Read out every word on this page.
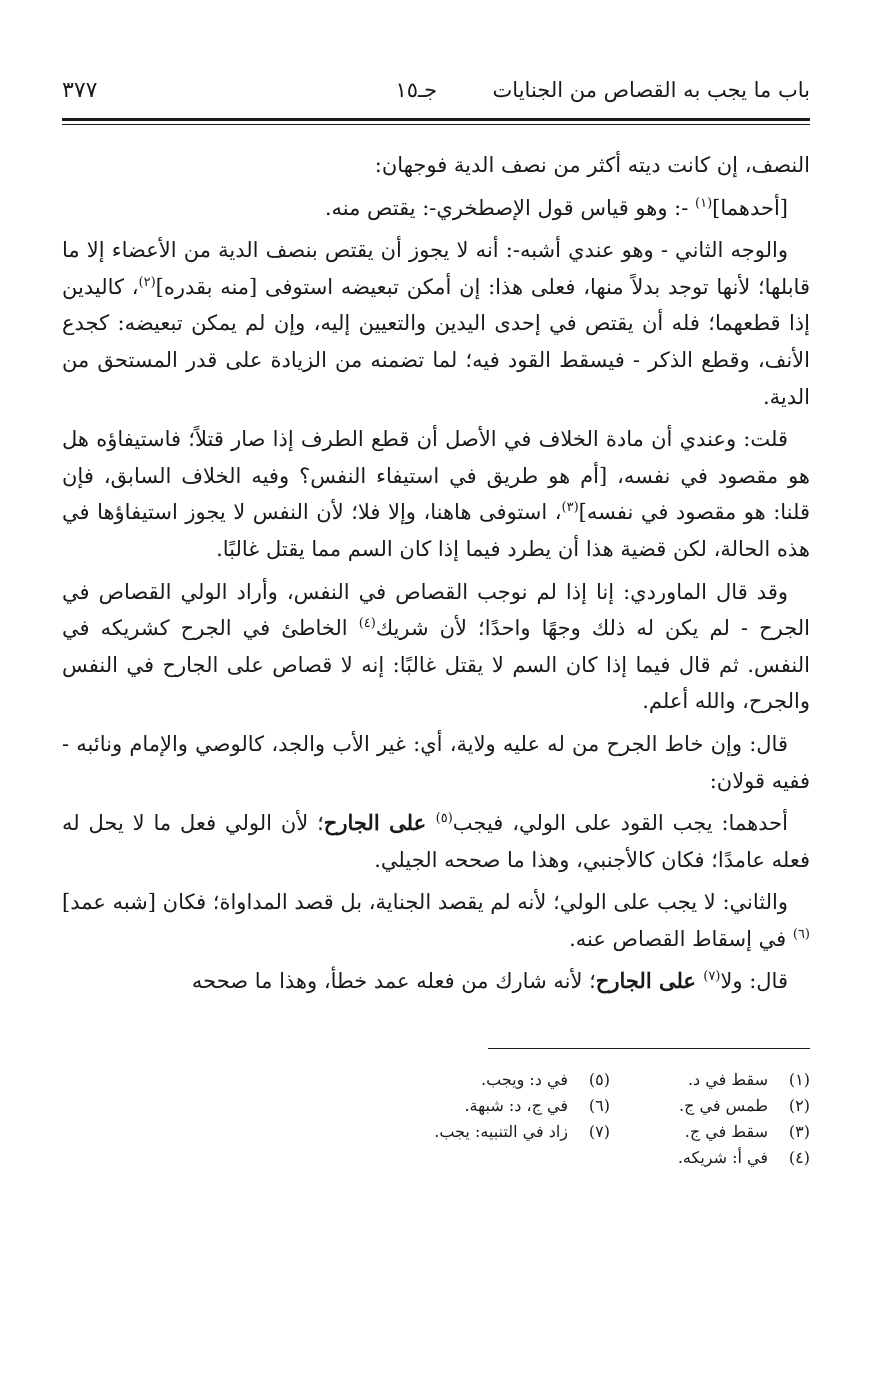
باب ما يجب به القصاص من الجنايات  جـ١٥
٣٧٧

النصف، إن كانت ديته أكثر من نصف الدية فوجهان:

[أحدهما]$^{(١)}$ -: وهو قياس قول الإصطخري-: يقتص منه.

والوجه الثاني - وهو عندي أشبه-: أنه لا يجوز أن يقتص بنصف الدية من الأعضاء إلا ما قابلها؛ لأنها توجد بدلاً منها، فعلى هذا: إن أمكن تبعيضه استوفى [منه بقدره]$^{(٢)}$، كاليدين إذا قطعهما؛ فله أن يقتص في إحدى اليدين والتعيين إليه، وإن لم يمكن تبعيضه: كجدع الأنف، وقطع الذكر - فيسقط القود فيه؛ لما تضمنه من الزيادة على قدر المستحق من الدية.

قلت: وعندي أن مادة الخلاف في الأصل أن قطع الطرف إذا صار قتلاً؛ فاستيفاؤه هل هو مقصود في نفسه، [أم هو طريق في استيفاء النفس؟ وفيه الخلاف السابق، فإن قلنا: هو مقصود في نفسه]$^{(٣)}$، استوفى هاهنا، وإلا فلا؛ لأن النفس لا يجوز استيفاؤها في هذه الحالة، لكن قضية هذا أن يطرد فيما إذا كان السم مما يقتل غالبًا.

وقد قال الماوردي: إنا إذا لم نوجب القصاص في النفس، وأراد الولي القصاص في الجرح - لم يكن له ذلك وجهًا واحدًا؛ لأن شريك$^{(٤)}$ الخاطئ في الجرح كشريكه في النفس. ثم قال فيما إذا كان السم لا يقتل غالبًا: إنه لا قصاص على الجارح في النفس والجرح، والله أعلم.

قال: وإن خاط الجرح من له عليه ولاية، أي: غير الأب والجد، كالوصي والإمام ونائبه - ففيه قولان:

أحدهما: يجب القود على الولي، فيجب$^{(٥)}$ على الجارح؛ لأن الولي فعل ما لا يحل له فعله عامدًا؛ فكان كالأجنبي، وهذا ما صححه الجيلي.

والثاني: لا يجب على الولي؛ لأنه لم يقصد الجناية، بل قصد المداواة؛ فكان [شبه عمد]$^{(٦)}$ في إسقاط القصاص عنه.

قال: ولا$^{(٧)}$ على الجارح؛ لأنه شارك من فعله عمد خطأ، وهذا ما صححه

(١)
سقط في د.
(٢)
طمس في ج.
(٣)
سقط في ج.
(٤)
في أ: شريكه.
(٥)
في د: ويجب.
(٦)
في ج، د: شبهة.
(٧)
زاد في التنبيه: يجب.
